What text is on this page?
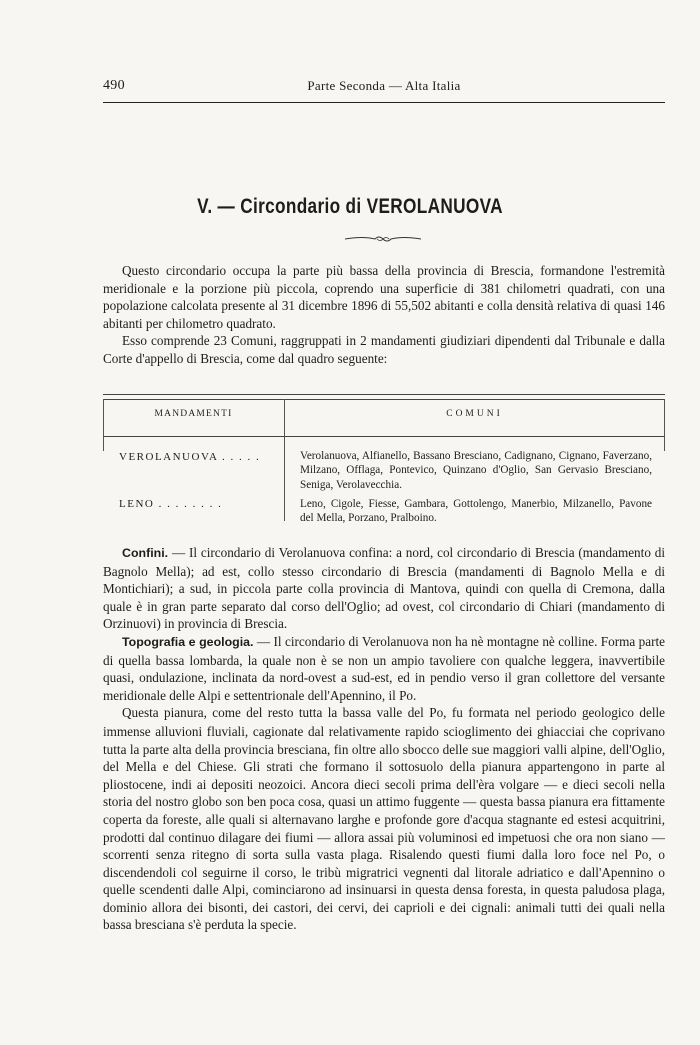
490	Parte Seconda — Alta Italia
V. — Circondario di VEROLANUOVA

Questo circondario occupa la parte più bassa della provincia di Brescia, formandone l'estremità meridionale e la porzione più piccola, coprendo una superficie di 381 chilometri quadrati, con una popolazione calcolata presente al 31 dicembre 1896 di 55,502 abitanti e colla densità relativa di quasi 146 abitanti per chilometro quadrato.

Esso comprende 23 Comuni, raggruppati in 2 mandamenti giudiziari dipendenti dal Tribunale e dalla Corte d'appello di Brescia, come dal quadro seguente:

MANDAMENTI	COMUNI
VEROLANUOVA . . . . .	Verolanuova, Alfianello, Bassano Bresciano, Cadignano, Cignano, Faverzano, Milzano, Offlaga, Pontevico, Quinzano d'Oglio, San Gervasio Bresciano, Seniga, Verolavecchia.
LENO . . . . . . . .	Leno, Cigole, Fiesse, Gambara, Gottolengo, Manerbio, Milzanello, Pavone del Mella, Porzano, Pralboino.

Confini. — Il circondario di Verolanuova confina: a nord, col circondario di Brescia (mandamento di Bagnolo Mella); ad est, collo stesso circondario di Brescia (mandamenti di Bagnolo Mella e di Montichiari); a sud, in piccola parte colla provincia di Mantova, quindi con quella di Cremona, dalla quale è in gran parte separato dal corso dell'Oglio; ad ovest, col circondario di Chiari (mandamento di Orzinuovi) in provincia di Brescia.

Topografia e geologia. — Il circondario di Verolanuova non ha nè montagne nè colline. Forma parte di quella bassa lombarda, la quale non è se non un ampio tavoliere con qualche leggera, inavvertibile quasi, ondulazione, inclinata da nord-ovest a sud-est, ed in pendio verso il gran collettore del versante meridionale delle Alpi e settentrionale dell'Apennino, il Po.

Questa pianura, come del resto tutta la bassa valle del Po, fu formata nel periodo geologico delle immense alluvioni fluviali, cagionate dal relativamente rapido scioglimento dei ghiacciai che coprivano tutta la parte alta della provincia bresciana, fin oltre allo sbocco delle sue maggiori valli alpine, dell'Oglio, del Mella e del Chiese. Gli strati che formano il sottosuolo della pianura appartengono in parte al pliostocene, indi ai depositi neozoici. Ancora dieci secoli prima dell'èra volgare — e dieci secoli nella storia del nostro globo son ben poca cosa, quasi un attimo fuggente — questa bassa pianura era fittamente coperta da foreste, alle quali si alternavano larghe e profonde gore d'acqua stagnante ed estesi acquitrini, prodotti dal continuo dilagare dei fiumi — allora assai più voluminosi ed impetuosi che ora non siano — scorrenti senza ritegno di sorta sulla vasta plaga. Risalendo questi fiumi dalla loro foce nel Po, o discendendoli col seguirne il corso, le tribù migratrici vegnenti dal litorale adriatico e dall'Apennino o quelle scendenti dalle Alpi, cominciarono ad insinuarsi in questa densa foresta, in questa paludosa plaga, dominio allora dei bisonti, dei castori, dei cervi, dei caprioli e dei cignali: animali tutti dei quali nella bassa bresciana s'è perduta la specie.
